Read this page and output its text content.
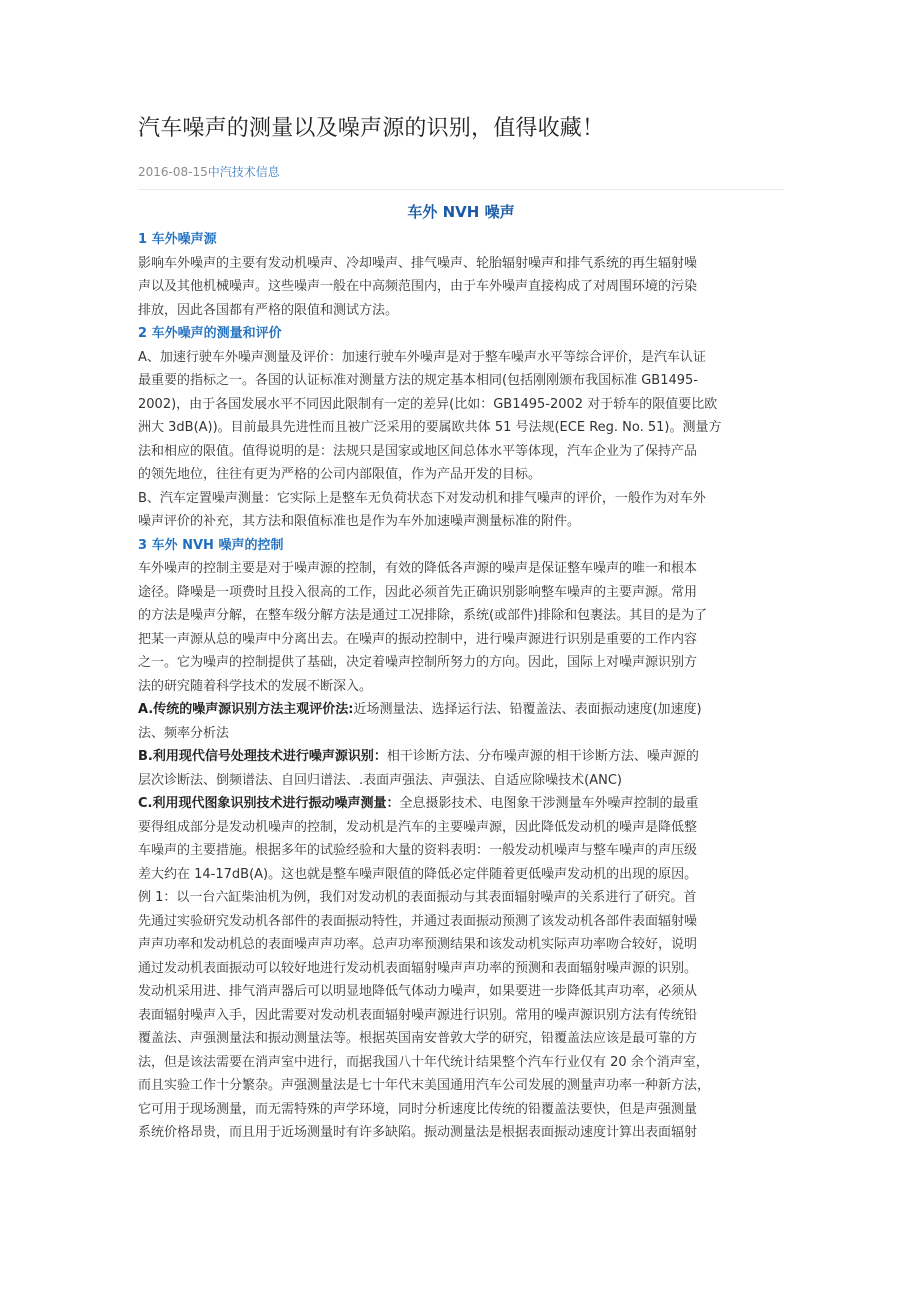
汽车噪声的测量以及噪声源的识别，值得收藏！
2016-08-15中汽技术信息
车外 NVH 噪声
1 车外噪声源

影响车外噪声的主要有发动机噪声、冷却噪声、排气噪声、轮胎辐射噪声和排气系统的再生辐射噪
声以及其他机械噪声。这些噪声一般在中高频范围内，由于车外噪声直接构成了对周围环境的污染
排放，因此各国都有严格的限值和测试方法。

2 车外噪声的测量和评价

A、加速行驶车外噪声测量及评价：加速行驶车外噪声是对于整车噪声水平等综合评价，是汽车认证
最重要的指标之一。各国的认证标准对测量方法的规定基本相同(包括刚刚颁布我国标准 GB1495-
2002)，由于各国发展水平不同因此限制有一定的差异(比如：GB1495-2002 对于轿车的限值要比欧
洲大 3dB(A))。目前最具先进性而且被广泛采用的要属欧共体 51 号法规(ECE Reg. No. 51)。测量方
法和相应的限值。值得说明的是：法规只是国家或地区间总体水平等体现，汽车企业为了保持产品
的领先地位，往往有更为严格的公司内部限值，作为产品开发的目标。

B、汽车定置噪声测量：它实际上是整车无负荷状态下对发动机和排气噪声的评价，一般作为对车外
噪声评价的补充，其方法和限值标准也是作为车外加速噪声测量标准的附件。

3 车外 NVH 噪声的控制

车外噪声的控制主要是对于噪声源的控制，有效的降低各声源的噪声是保证整车噪声的唯一和根本
途径。降噪是一项费时且投入很高的工作，因此必须首先正确识别影响整车噪声的主要声源。常用
的方法是噪声分解，在整车级分解方法是通过工况排除，系统(或部件)排除和包裹法。其目的是为了
把某一声源从总的噪声中分离出去。在噪声的振动控制中，进行噪声源进行识别是重要的工作内容
之一。它为噪声的控制提供了基础，决定着噪声控制所努力的方向。因此，国际上对噪声源识别方
法的研究随着科学技术的发展不断深入。

A.传统的噪声源识别方法主观评价法:近场测量法、选择运行法、铅覆盖法、表面振动速度(加速度)
法、频率分析法

B.利用现代信号处理技术进行噪声源识别：相干诊断方法、分布噪声源的相干诊断方法、噪声源的
层次诊断法、倒频谱法、自回归谱法、.表面声强法、声强法、自适应除噪技术(ANC)

C.利用现代图象识别技术进行振动噪声测量：全息摄影技术、电图象干涉测量车外噪声控制的最重
要得组成部分是发动机噪声的控制，发动机是汽车的主要噪声源，因此降低发动机的噪声是降低整
车噪声的主要措施。根据多年的试验经验和大量的资料表明：一般发动机噪声与整车噪声的声压级
差大约在 14-17dB(A)。这也就是整车噪声限值的降低必定伴随着更低噪声发动机的出现的原因。

例 1：以一台六缸柴油机为例，我们对发动机的表面振动与其表面辐射噪声的关系进行了研究。首
先通过实验研究发动机各部件的表面振动特性，并通过表面振动预测了该发动机各部件表面辐射噪
声声功率和发动机总的表面噪声声功率。总声功率预测结果和该发动机实际声功率吻合较好，说明
通过发动机表面振动可以较好地进行发动机表面辐射噪声声功率的预测和表面辐射噪声源的识别。
发动机采用进、排气消声器后可以明显地降低气体动力噪声，如果要进一步降低其声功率，必须从
表面辐射噪声入手，因此需要对发动机表面辐射噪声源进行识别。常用的噪声源识别方法有传统铅
覆盖法、声强测量法和振动测量法等。根据英国南安普敦大学的研究，铅覆盖法应该是最可靠的方
法，但是该法需要在消声室中进行，而据我国八十年代统计结果整个汽车行业仅有 20 余个消声室，
而且实验工作十分繁杂。声强测量法是七十年代末美国通用汽车公司发展的测量声功率一种新方法，
它可用于现场测量，而无需特殊的声学环境，同时分析速度比传统的铅覆盖法要快，但是声强测量
系统价格昂贵，而且用于近场测量时有许多缺陷。振动测量法是根据表面振动速度计算出表面辐射
